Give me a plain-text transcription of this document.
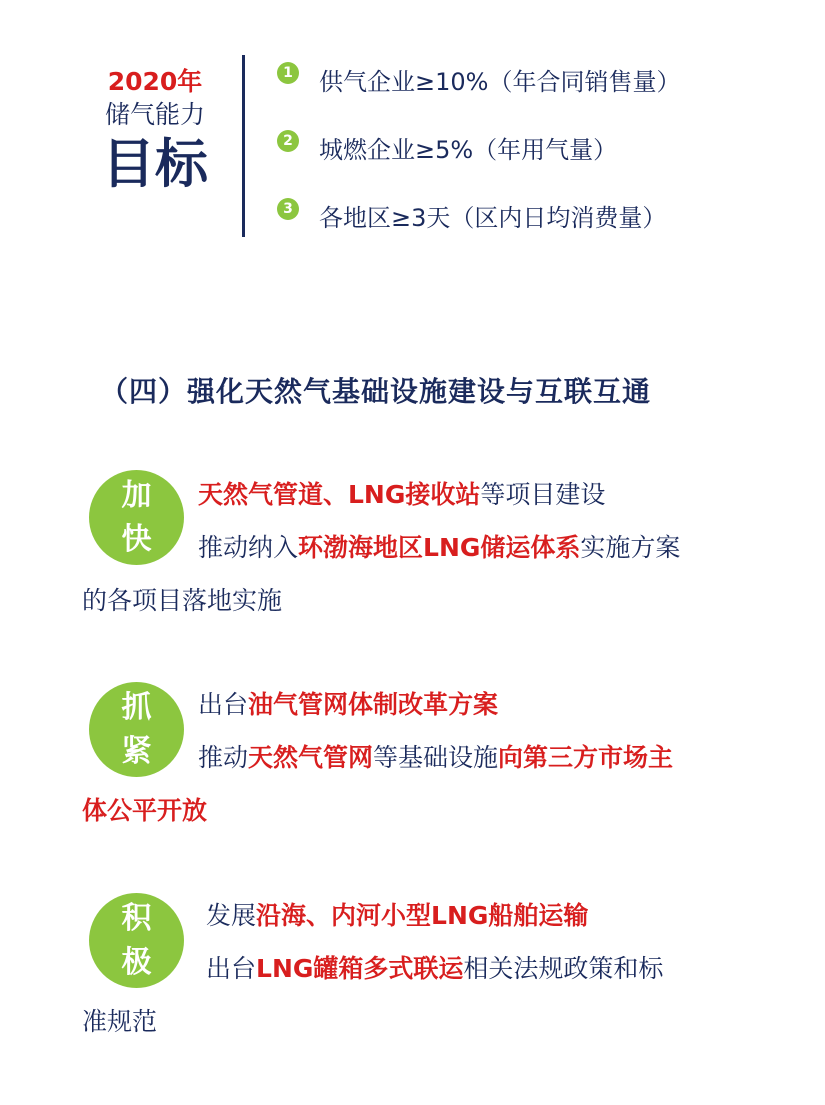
2020年
储气能力
目标
1 供气企业≥10%（年合同销售量）
2 城燃企业≥5%（年用气量）
3 各地区≥3天（区内日均消费量）
（四）强化天然气基础设施建设与互联互通
加
快
天然气管道、LNG接收站等项目建设
推动纳入环渤海地区LNG储运体系实施方案
的各项目落地实施
抓
紧
出台油气管网体制改革方案
推动天然气管网等基础设施向第三方市场主
体公平开放
积
极
发展沿海、内河小型LNG船舶运输
出台LNG罐箱多式联运相关法规政策和标
准规范
